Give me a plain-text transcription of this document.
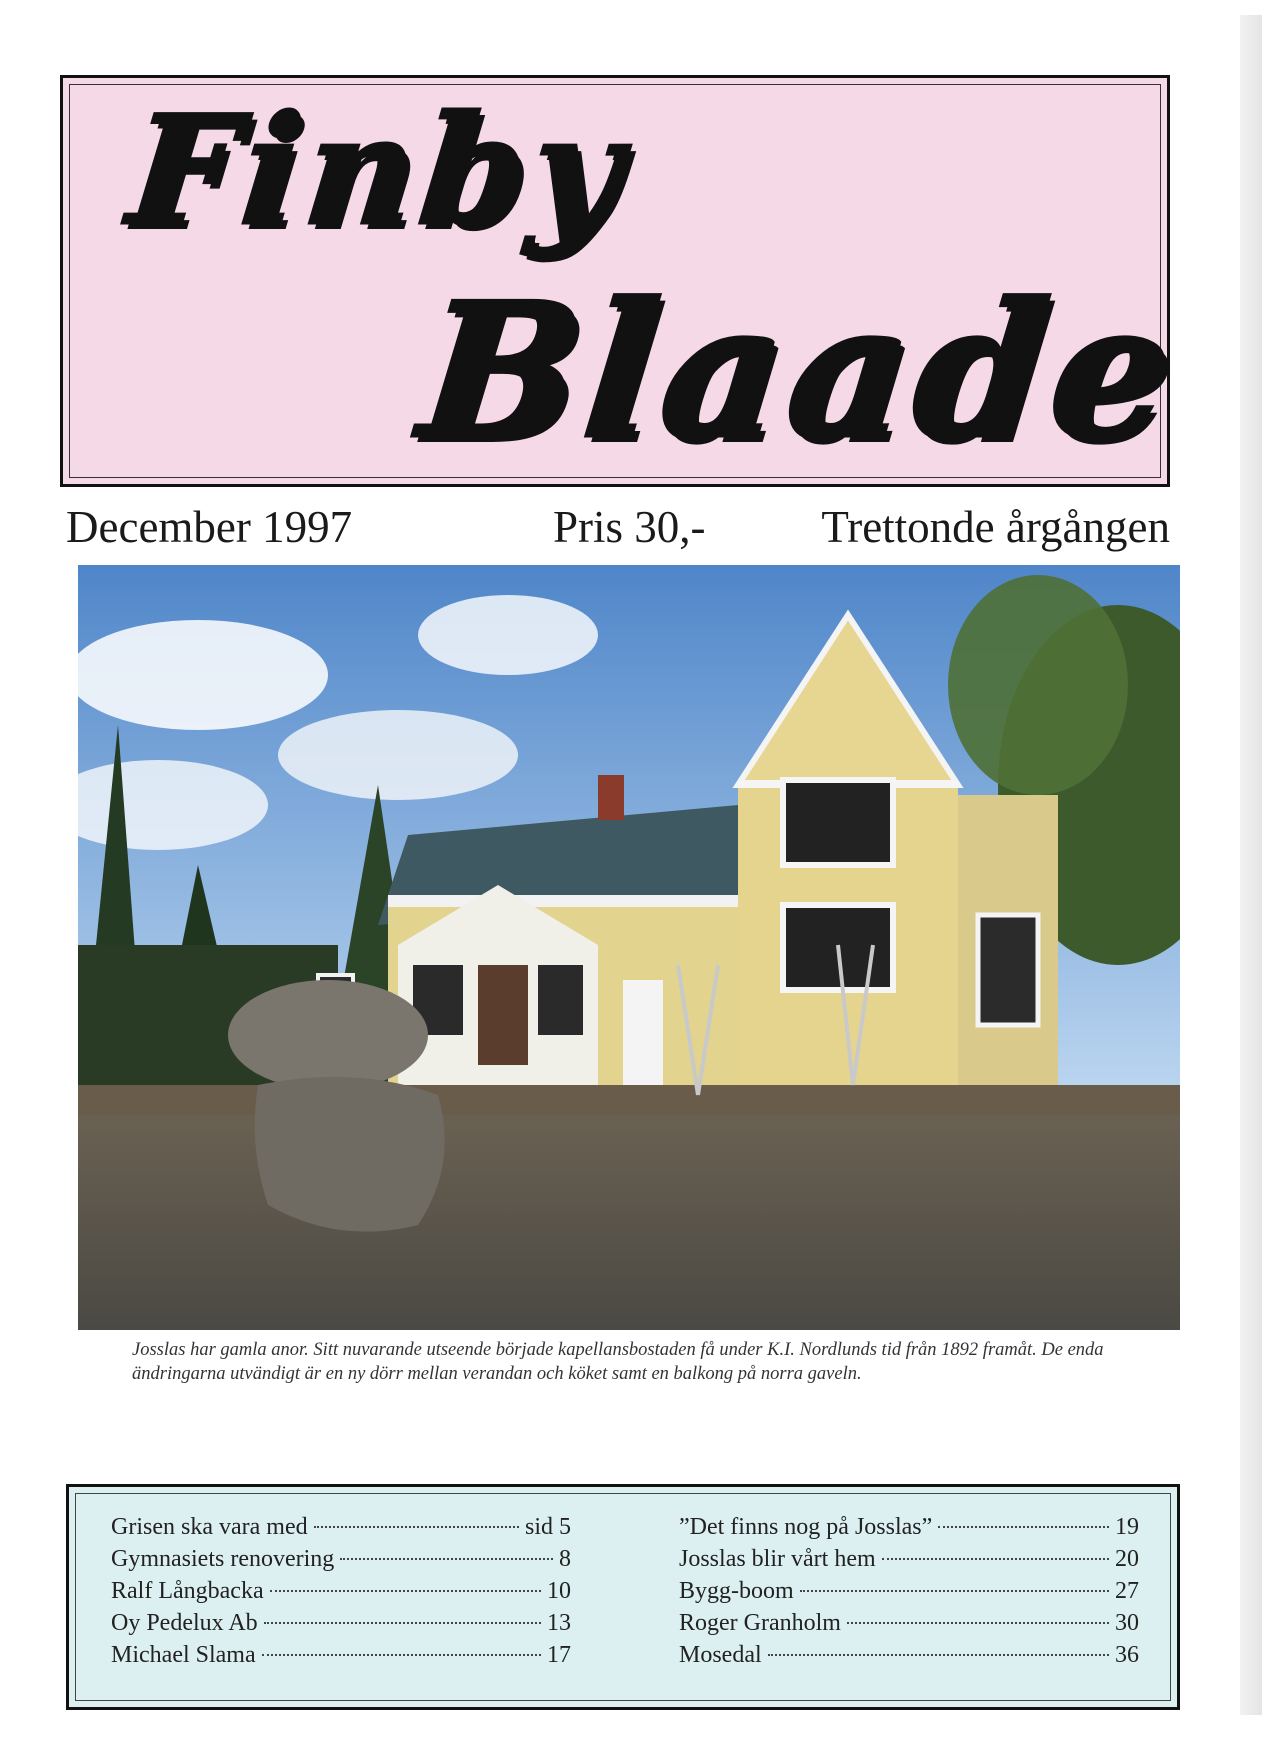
Finby
Blaade
December 1997	Pris 30,-	Trettonde årgången
Josslas har gamla anor. Sitt nuvarande utseende började kapellansbostaden få under K.I. Nordlunds tid från 1892 framåt. De enda ändringarna utvändigt är en ny dörr mellan verandan och köket samt en balkong på norra gaveln.
Grisen ska vara med	sid 5
Gymnasiets renovering	8
Ralf Långbacka	10
Oy Pedelux Ab	13
Michael Slama	17
”Det finns nog på Josslas”	19
Josslas blir vårt hem	20
Bygg-boom	27
Roger Granholm	30
Mosedal	36
